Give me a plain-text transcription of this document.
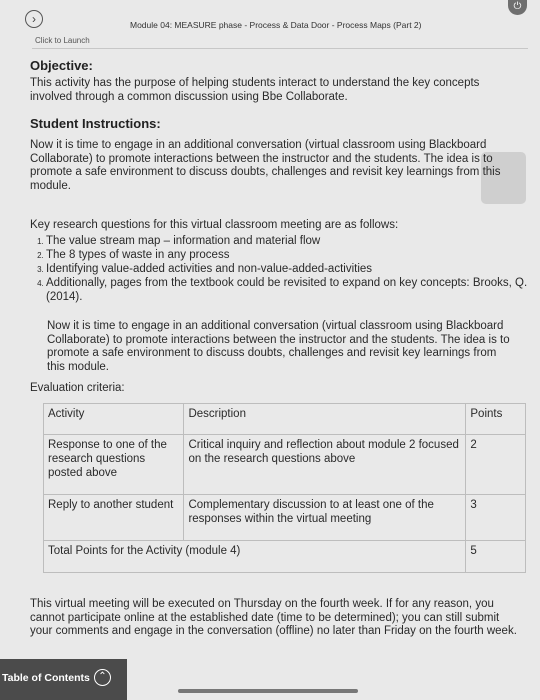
›	Module 04: MEASURE phase - Process & Data Door - Process Maps (Part 2)
⏻
Click to Launch
Objective:

This activity has the purpose of helping students interact to understand the key concepts involved through a common discussion using Bbe Collaborate.

Student Instructions:

Now it is time to engage in an additional conversation (virtual classroom using Blackboard Collaborate) to promote interactions between the instructor and the students. The idea is to promote a safe environment to discuss doubts, challenges and revisit key learnings from this module.

Key research questions for this virtual classroom meeting are as follows:

1. The value stream map – information and material flow
2. The 8 types of waste in any process
3. Identifying value-added activities and non-value-added-activities
4. Additionally, pages from the textbook could be revisited to expand on key concepts: Brooks, Q. (2014).

Now it is time to engage in an additional conversation (virtual classroom using Blackboard Collaborate) to promote interactions between the instructor and the students. The idea is to promote a safe environment to discuss doubts, challenges and revisit key learnings from this module.

Evaluation criteria:
Activity	Description	Points
Response to one of the research questions posted above	Critical inquiry and reflection about module 2 focused on the research questions above	2
Reply to another student	Complementary discussion to at least one of the responses within the virtual meeting	3
Total Points for the Activity (module 4)		5

This virtual meeting will be executed on Thursday on the fourth week. If for any reason, you cannot participate online at the established date (time to be determined); you can still submit your comments and engage in the conversation (offline) no later than Friday on the fourth week.

Table of Contents ⌃
